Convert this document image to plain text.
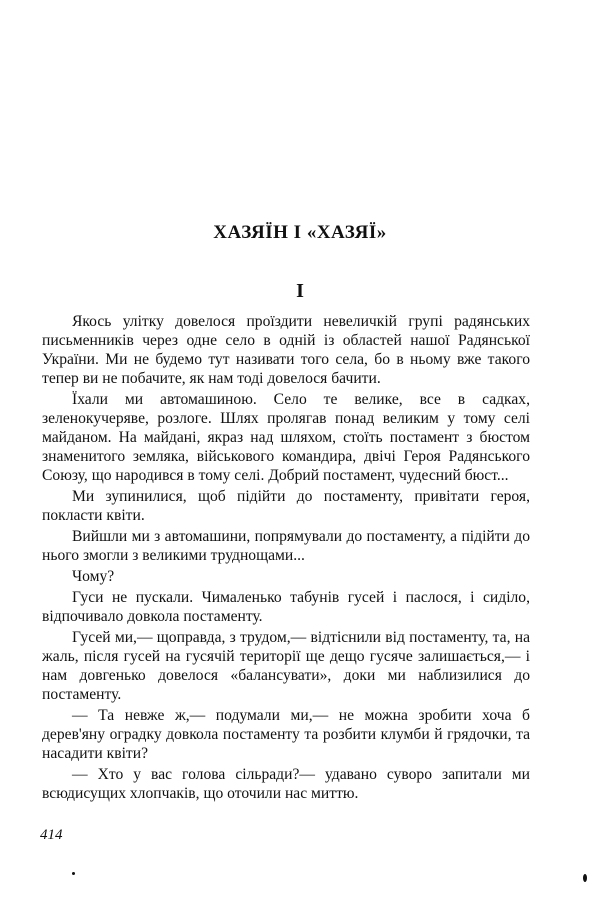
ХАЗЯЇН І «ХАЗЯЇ»
I

Якось улітку довелося проїздити невеличкій групі радянських письменників через одне село в одній із областей нашої Радянської України. Ми не будемо тут називати того села, бо в ньому вже такого тепер ви не побачите, як нам тоді довелося бачити.

Їхали ми автомашиною. Село те велике, все в садках, зеленокучеряве, розлоге. Шлях пролягав понад великим у тому селі майданом. На майдані, якраз над шляхом, стоїть постамент з бюстом знаменитого земляка, військового командира, двічі Героя Радянського Союзу, що народився в тому селі. Добрий постамент, чудесний бюст...

Ми зупинилися, щоб підійти до постаменту, привітати героя, покласти квіти.

Вийшли ми з автомашини, попрямували до постаменту, а підійти до нього змогли з великими труднощами...

Чому?

Гуси не пускали. Чималенько табунів гусей і паслося, і сиділо, відпочивало довкола постаменту.

Гусей ми,— щоправда, з трудом,— відтіснили від постаменту, та, на жаль, після гусей на гусячій території ще дещо гусяче залишається,— і нам довгенько довелося «балансувати», доки ми наблизилися до постаменту.

— Та невже ж,— подумали ми,— не можна зробити хоча б дерев'яну оградку довкола постаменту та розбити клумби й грядочки, та насадити квіти?

— Хто у вас голова сільради?— удавано суворо запитали ми всюдисущих хлопчаків, що оточили нас миттю.

414
